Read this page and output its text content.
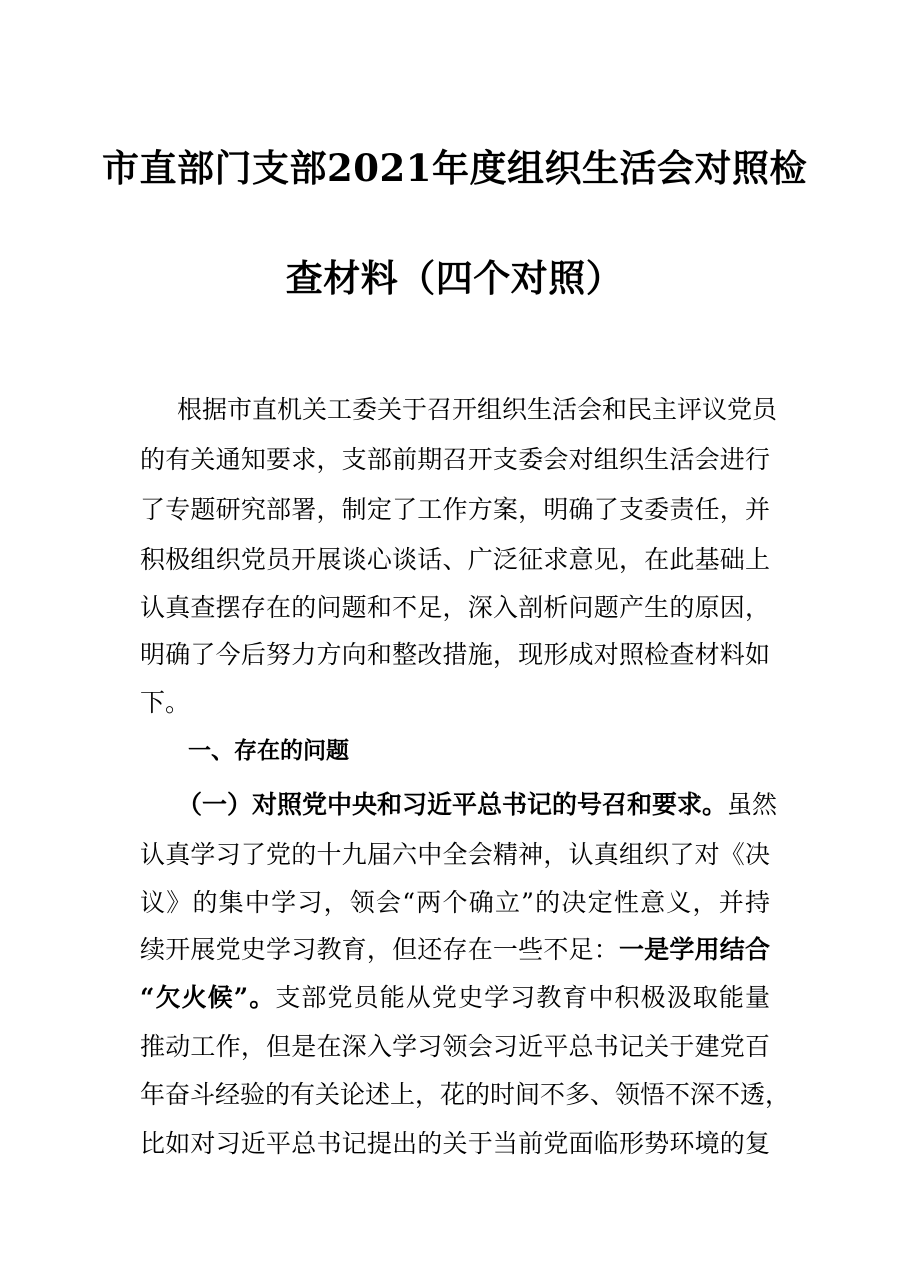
市直部门支部2021年度组织生活会对照检
查材料（四个对照）
根据市直机关工委关于召开组织生活会和民主评议党员
的有关通知要求，支部前期召开支委会对组织生活会进行
了专题研究部署，制定了工作方案，明确了支委责任，并
积极组织党员开展谈心谈话、广泛征求意见，在此基础上
认真查摆存在的问题和不足，深入剖析问题产生的原因，
明确了今后努力方向和整改措施，现形成对照检查材料如
下。
一、存在的问题
（一）对照党中央和习近平总书记的号召和要求。虽然
认真学习了党的十九届六中全会精神，认真组织了对《决
议》的集中学习，领会“两个确立”的决定性意义，并持
续开展党史学习教育，但还存在一些不足：一是学用结合
“欠火候”。支部党员能从党史学习教育中积极汲取能量
推动工作，但是在深入学习领会习近平总书记关于建党百
年奋斗经验的有关论述上，花的时间不多、领悟不深不透，
比如对习近平总书记提出的关于当前党面临形势环境的复
